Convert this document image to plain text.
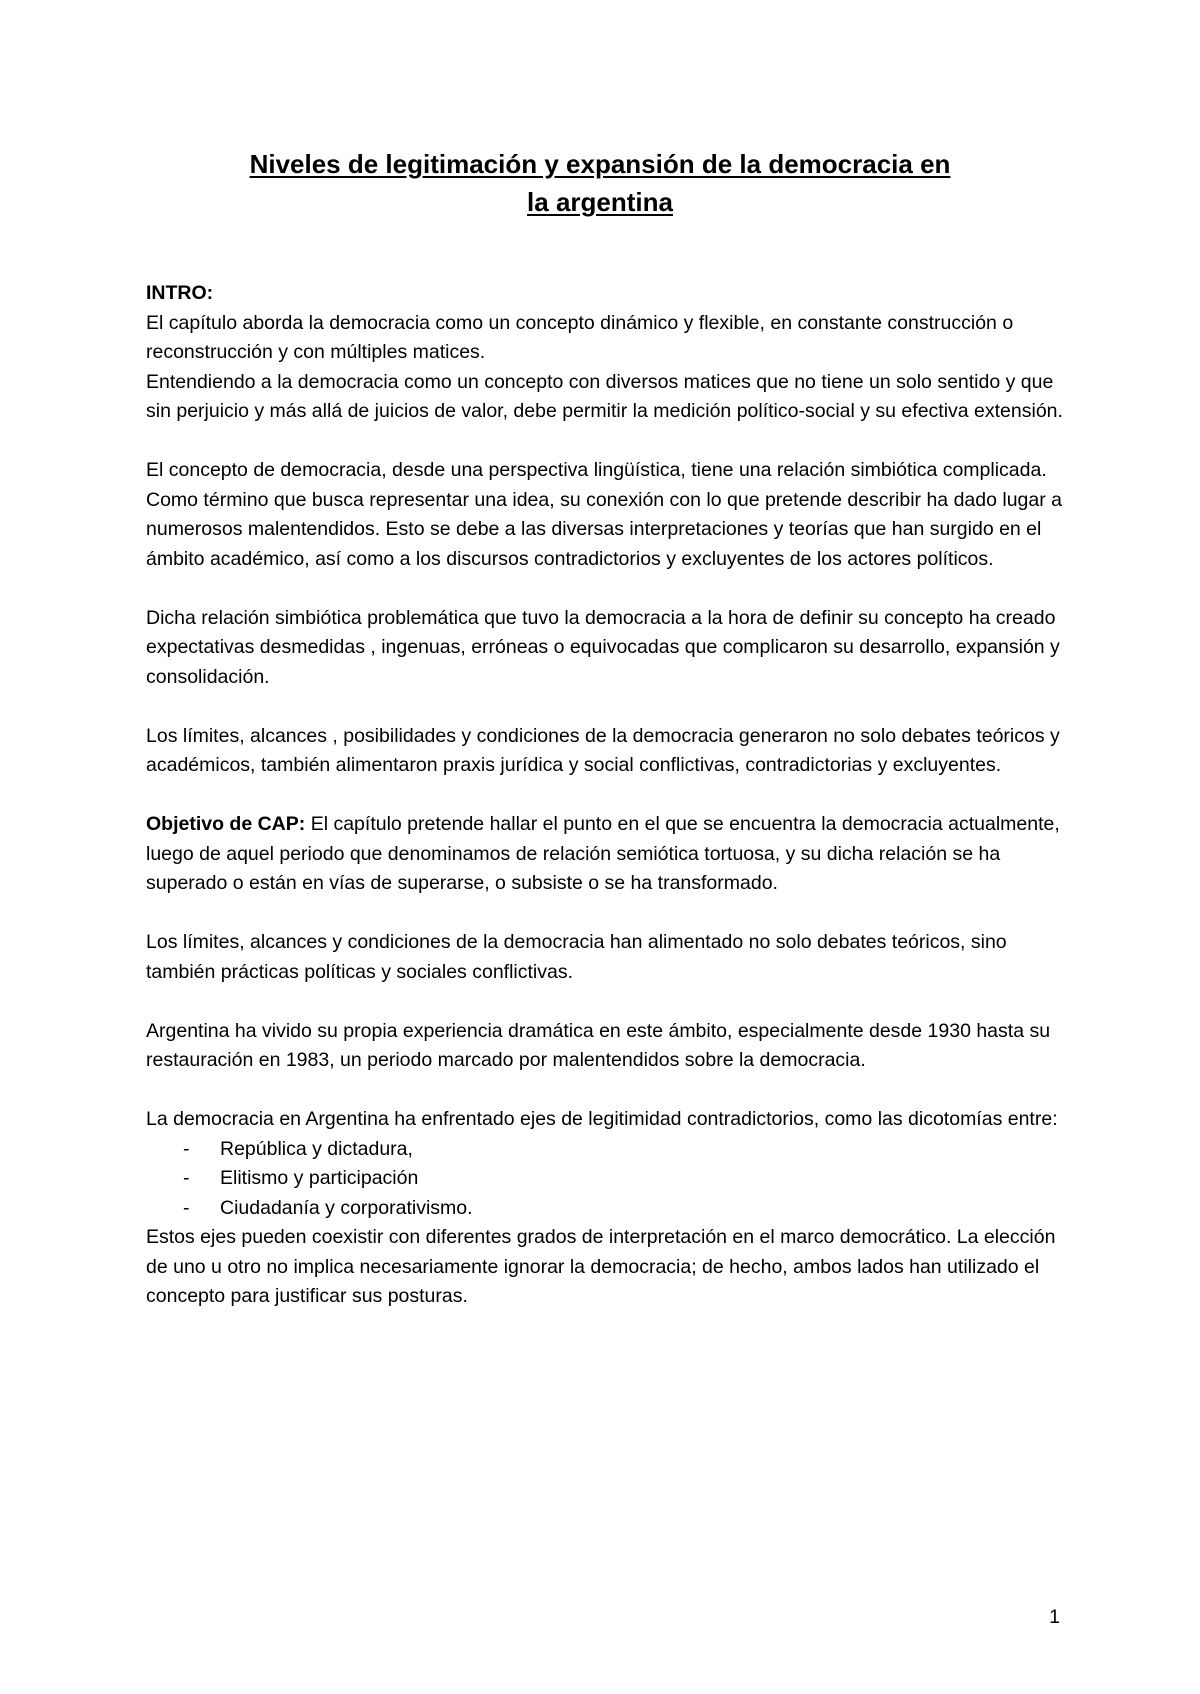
Niveles de legitimación y expansión de la democracia en
la argentina

INTRO:

El capítulo aborda la democracia como un concepto dinámico y flexible, en constante construcción o reconstrucción y con múltiples matices.

Entendiendo a la democracia como un concepto con diversos matices que no tiene un solo sentido y que sin perjuicio y más allá de juicios de valor, debe permitir la medición político-social y su efectiva extensión.

El concepto de democracia, desde una perspectiva lingüística, tiene una relación simbiótica complicada. Como término que busca representar una idea, su conexión con lo que pretende describir ha dado lugar a numerosos malentendidos. Esto se debe a las diversas interpretaciones y teorías que han surgido en el ámbito académico, así como a los discursos contradictorios y excluyentes de los actores políticos.

Dicha relación simbiótica problemática que tuvo la democracia a la hora de definir su concepto ha creado expectativas desmedidas , ingenuas, erróneas o equivocadas que complicaron su desarrollo, expansión y consolidación.

Los límites, alcances , posibilidades y condiciones de la democracia generaron no solo debates teóricos y académicos, también alimentaron praxis jurídica y social conflictivas, contradictorias y excluyentes.

Objetivo de CAP: El capítulo pretende hallar el punto en el que se encuentra la democracia actualmente, luego de aquel periodo que denominamos de relación semiótica tortuosa, y su dicha relación se ha superado o están en vías de superarse, o subsiste o se ha transformado.

Los límites, alcances y condiciones de la democracia han alimentado no solo debates teóricos, sino también prácticas políticas y sociales conflictivas.

Argentina ha vivido su propia experiencia dramática en este ámbito, especialmente desde 1930 hasta su restauración en 1983, un periodo marcado por malentendidos sobre la democracia.

La democracia en Argentina ha enfrentado ejes de legitimidad contradictorios, como las dicotomías entre:

- República y dictadura,
- Elitismo y participación
- Ciudadanía y corporativismo.

Estos ejes pueden coexistir con diferentes grados de interpretación en el marco democrático. La elección de uno u otro no implica necesariamente ignorar la democracia; de hecho, ambos lados han utilizado el concepto para justificar sus posturas.

1
